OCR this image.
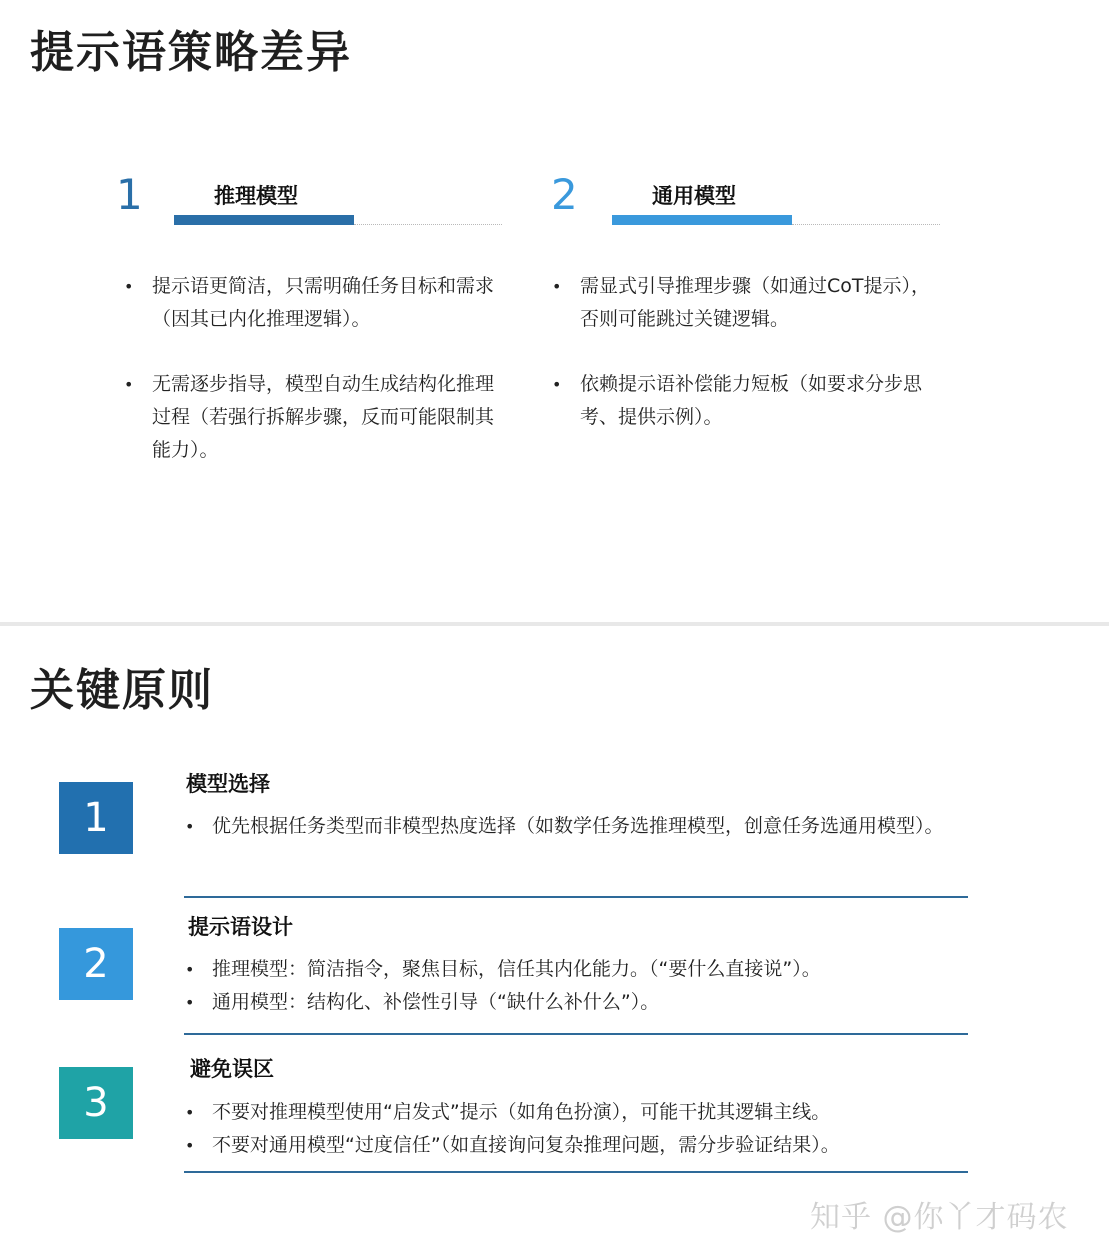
提示语策略差异
1	推理模型
• 提示语更简洁，只需明确任务目标和需求（因其已内化推理逻辑）。
• 无需逐步指导，模型自动生成结构化推理过程（若强行拆解步骤，反而可能限制其能力）。
2	通用模型
• 需显式引导推理步骤（如通过CoT提示），否则可能跳过关键逻辑。
• 依赖提示语补偿能力短板（如要求分步思考、提供示例）。
关键原则
1
模型选择
• 优先根据任务类型而非模型热度选择（如数学任务选推理模型，创意任务选通用模型）。
2
提示语设计
• 推理模型：简洁指令，聚焦目标，信任其内化能力。（“要什么直接说”）。
• 通用模型：结构化、补偿性引导（“缺什么补什么”）。
3
避免误区
• 不要对推理模型使用“启发式”提示（如角色扮演），可能干扰其逻辑主线。
• 不要对通用模型“过度信任”（如直接询问复杂推理问题，需分步验证结果）。
知乎 @你丫才码农
